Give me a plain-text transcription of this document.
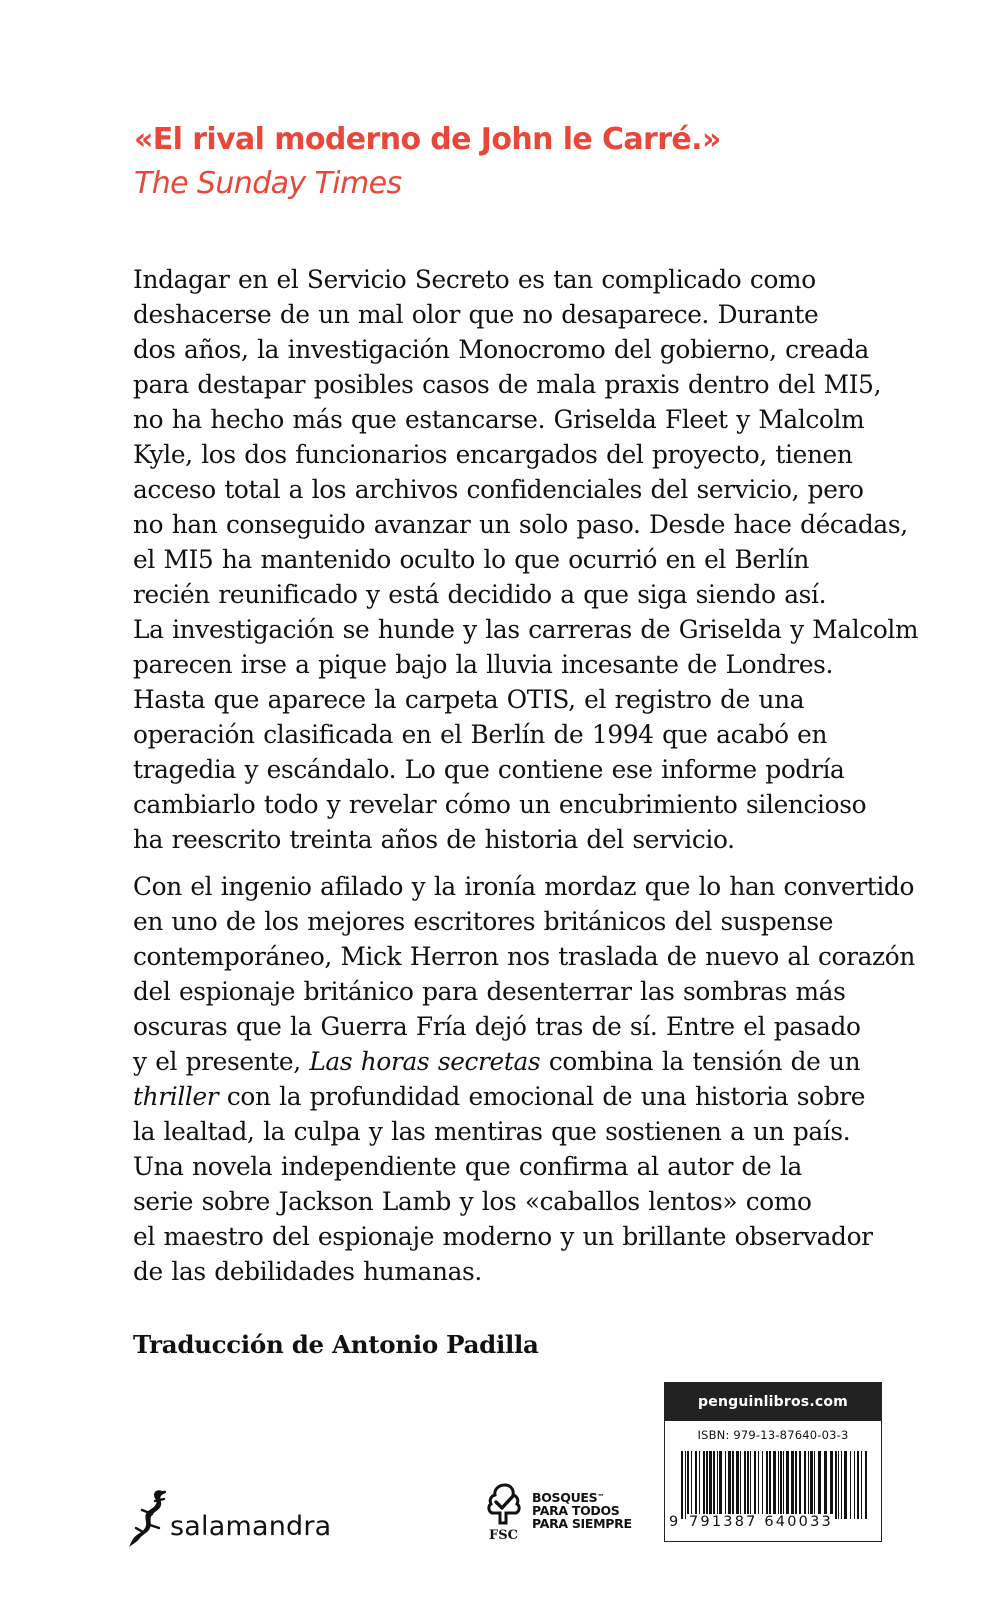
«El rival moderno de John le Carré.»
The Sunday Times
Indagar en el Servicio Secreto es tan complicado como
deshacerse de un mal olor que no desaparece. Durante
dos años, la investigación Monocromo del gobierno, creada
para destapar posibles casos de mala praxis dentro del MI5,
no ha hecho más que estancarse. Griselda Fleet y Malcolm
Kyle, los dos funcionarios encargados del proyecto, tienen
acceso total a los archivos confidenciales del servicio, pero
no han conseguido avanzar un solo paso. Desde hace décadas,
el MI5 ha mantenido oculto lo que ocurrió en el Berlín
recién reunificado y está decidido a que siga siendo así.
La investigación se hunde y las carreras de Griselda y Malcolm
parecen irse a pique bajo la lluvia incesante de Londres.
Hasta que aparece la carpeta OTIS, el registro de una
operación clasificada en el Berlín de 1994 que acabó en
tragedia y escándalo. Lo que contiene ese informe podría
cambiarlo todo y revelar cómo un encubrimiento silencioso
ha reescrito treinta años de historia del servicio.
Con el ingenio afilado y la ironía mordaz que lo han convertido
en uno de los mejores escritores británicos del suspense
contemporáneo, Mick Herron nos traslada de nuevo al corazón
del espionaje británico para desenterrar las sombras más
oscuras que la Guerra Fría dejó tras de sí. Entre el pasado
y el presente, Las horas secretas combina la tensión de un
thriller con la profundidad emocional de una historia sobre
la lealtad, la culpa y las mentiras que sostienen a un país.
Una novela independiente que confirma al autor de la
serie sobre Jackson Lamb y los «caballos lentos» como
el maestro del espionaje moderno y un brillante observador
de las debilidades humanas.
Traducción de Antonio Padilla
penguinlibros.com
ISBN: 979-13-87640-03-3
9 791387 640033
salamandra	FSC
BOSQUES™
PARA TODOS
PARA SIEMPRE
